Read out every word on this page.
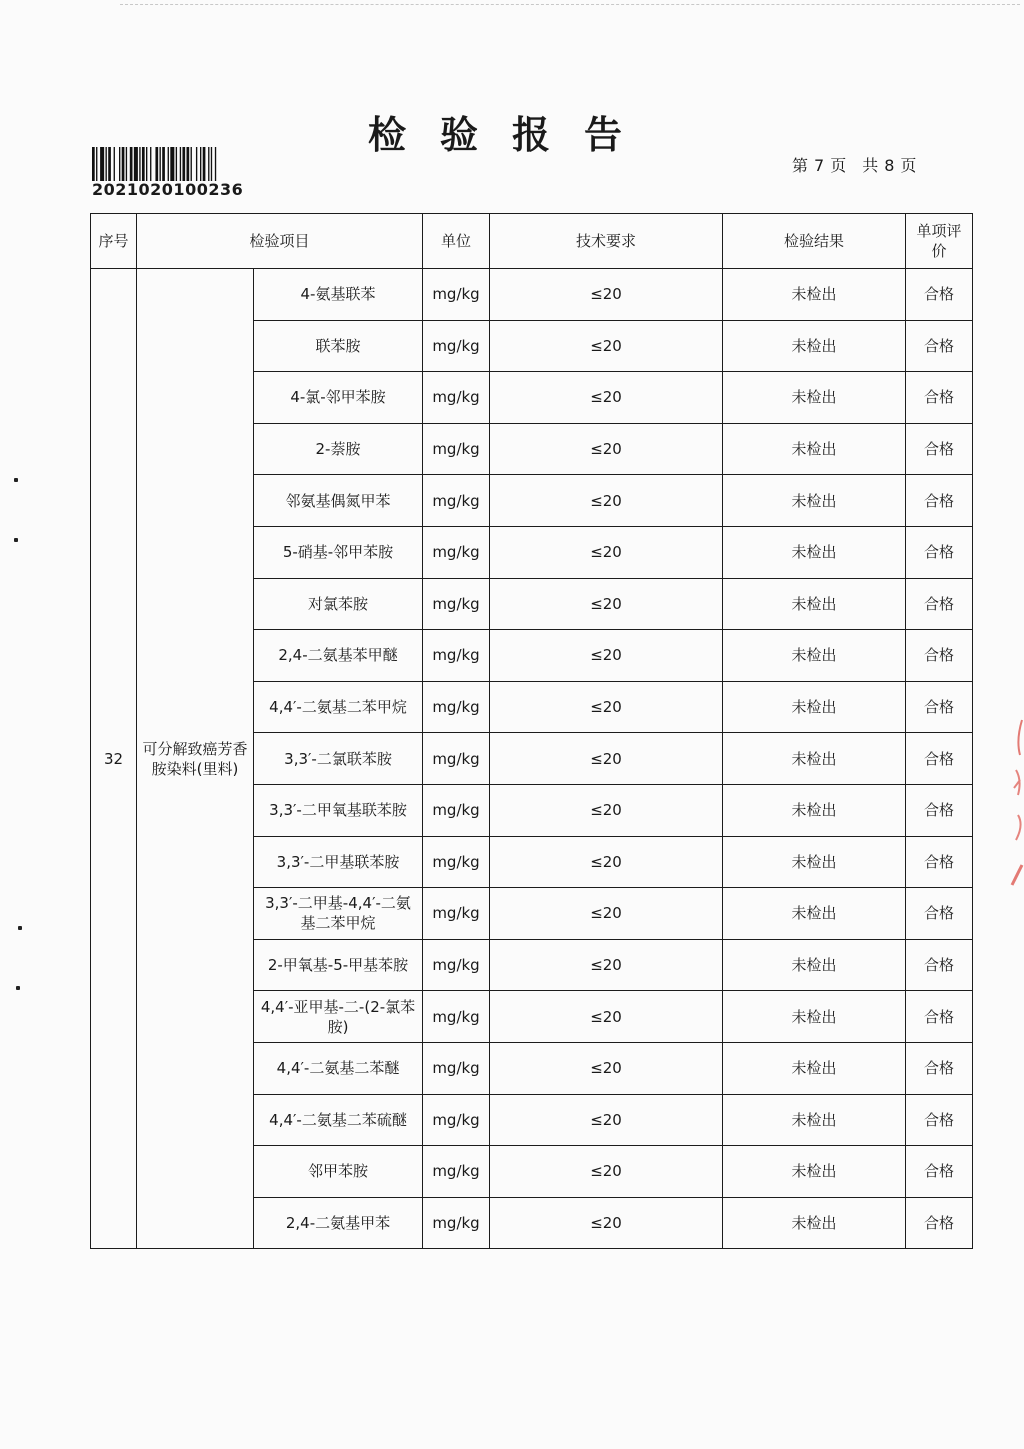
检验报告
2021020100236
第 7 页 共 8 页
序号	检验项目		单位	技术要求	检验结果	单项评价
32	可分解致癌芳香胺染料(里料)	4-氨基联苯	mg/kg	≤20	未检出	合格
		联苯胺	mg/kg	≤20	未检出	合格
		4-氯-邻甲苯胺	mg/kg	≤20	未检出	合格
		2-萘胺	mg/kg	≤20	未检出	合格
		邻氨基偶氮甲苯	mg/kg	≤20	未检出	合格
		5-硝基-邻甲苯胺	mg/kg	≤20	未检出	合格
		对氯苯胺	mg/kg	≤20	未检出	合格
		2,4-二氨基苯甲醚	mg/kg	≤20	未检出	合格
		4,4′-二氨基二苯甲烷	mg/kg	≤20	未检出	合格
		3,3′-二氯联苯胺	mg/kg	≤20	未检出	合格
		3,3′-二甲氧基联苯胺	mg/kg	≤20	未检出	合格
		3,3′-二甲基联苯胺	mg/kg	≤20	未检出	合格
		3,3′-二甲基-4,4′-二氨基二苯甲烷	mg/kg	≤20	未检出	合格
		2-甲氧基-5-甲基苯胺	mg/kg	≤20	未检出	合格
		4,4′-亚甲基-二-(2-氯苯胺)	mg/kg	≤20	未检出	合格
		4,4′-二氨基二苯醚	mg/kg	≤20	未检出	合格
		4,4′-二氨基二苯硫醚	mg/kg	≤20	未检出	合格
		邻甲苯胺	mg/kg	≤20	未检出	合格
		2,4-二氨基甲苯	mg/kg	≤20	未检出	合格
